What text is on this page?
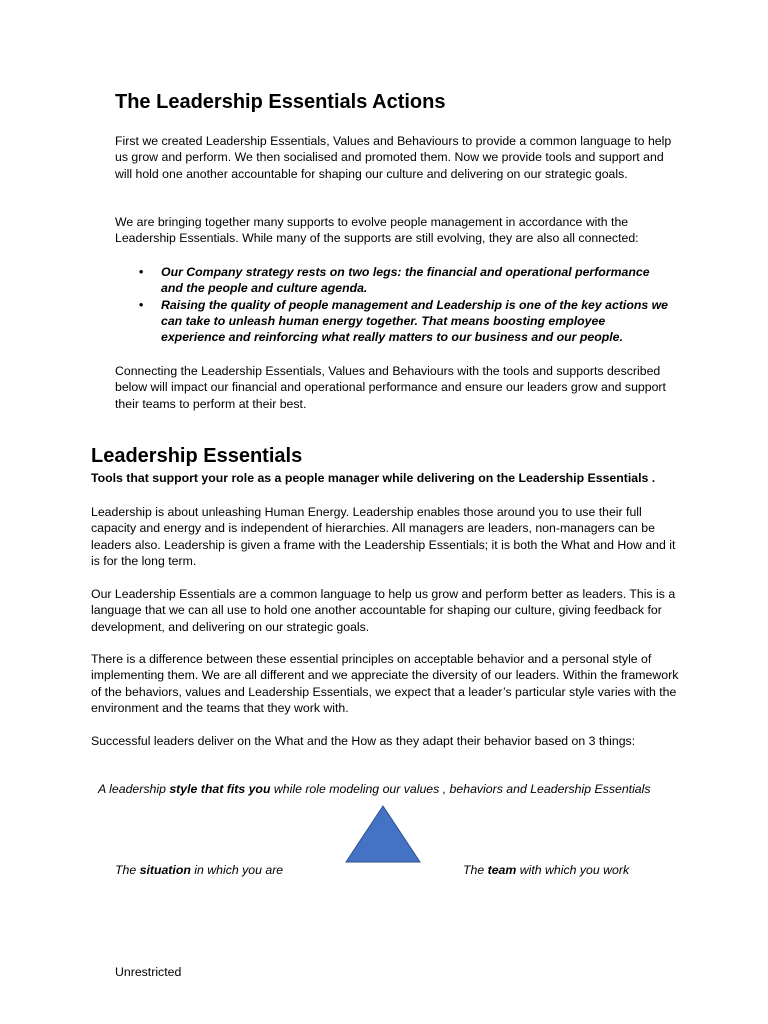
The Leadership Essentials Actions

First we created Leadership Essentials, Values and Behaviours to provide a common language to help us grow and perform. We then socialised and promoted them. Now we provide tools and support and will hold one another accountable for shaping our culture and delivering on our strategic goals.

We are bringing together many supports to evolve people management in accordance with the Leadership Essentials. While many of the supports are still evolving, they are also all connected:

• Our Company strategy rests on two legs: the financial and operational performance and the people and culture agenda.
• Raising the quality of people management and Leadership is one of the key actions we can take to unleash human energy together. That means boosting employee experience and reinforcing what really matters to our business and our people.

Connecting the Leadership Essentials, Values and Behaviours with the tools and supports described below will impact our financial and operational performance and ensure our leaders grow and support their teams to perform at their best.

Leadership Essentials
Tools that support your role as a people manager while delivering on the Leadership Essentials .

Leadership is about unleashing Human Energy. Leadership enables those around you to use their full capacity and energy and is independent of hierarchies. All managers are leaders, non-managers can be leaders also. Leadership is given a frame with the Leadership Essentials; it is both the What and How and it is for the long term.

Our Leadership Essentials are a common language to help us grow and perform better as leaders. This is a language that we can all use to hold one another accountable for shaping our culture, giving feedback for development, and delivering on our strategic goals.

There is a difference between these essential principles on acceptable behavior and a personal style of implementing them. We are all different and we appreciate the diversity of our leaders. Within the framework of the behaviors, values and Leadership Essentials, we expect that a leader’s particular style varies with the environment and the teams that they work with.

Successful leaders deliver on the What and the How as they adapt their behavior based on 3 things:

A leadership style that fits you while role modeling our values , behaviors and Leadership Essentials
The situation in which you are	The team with which you work
Unrestricted
